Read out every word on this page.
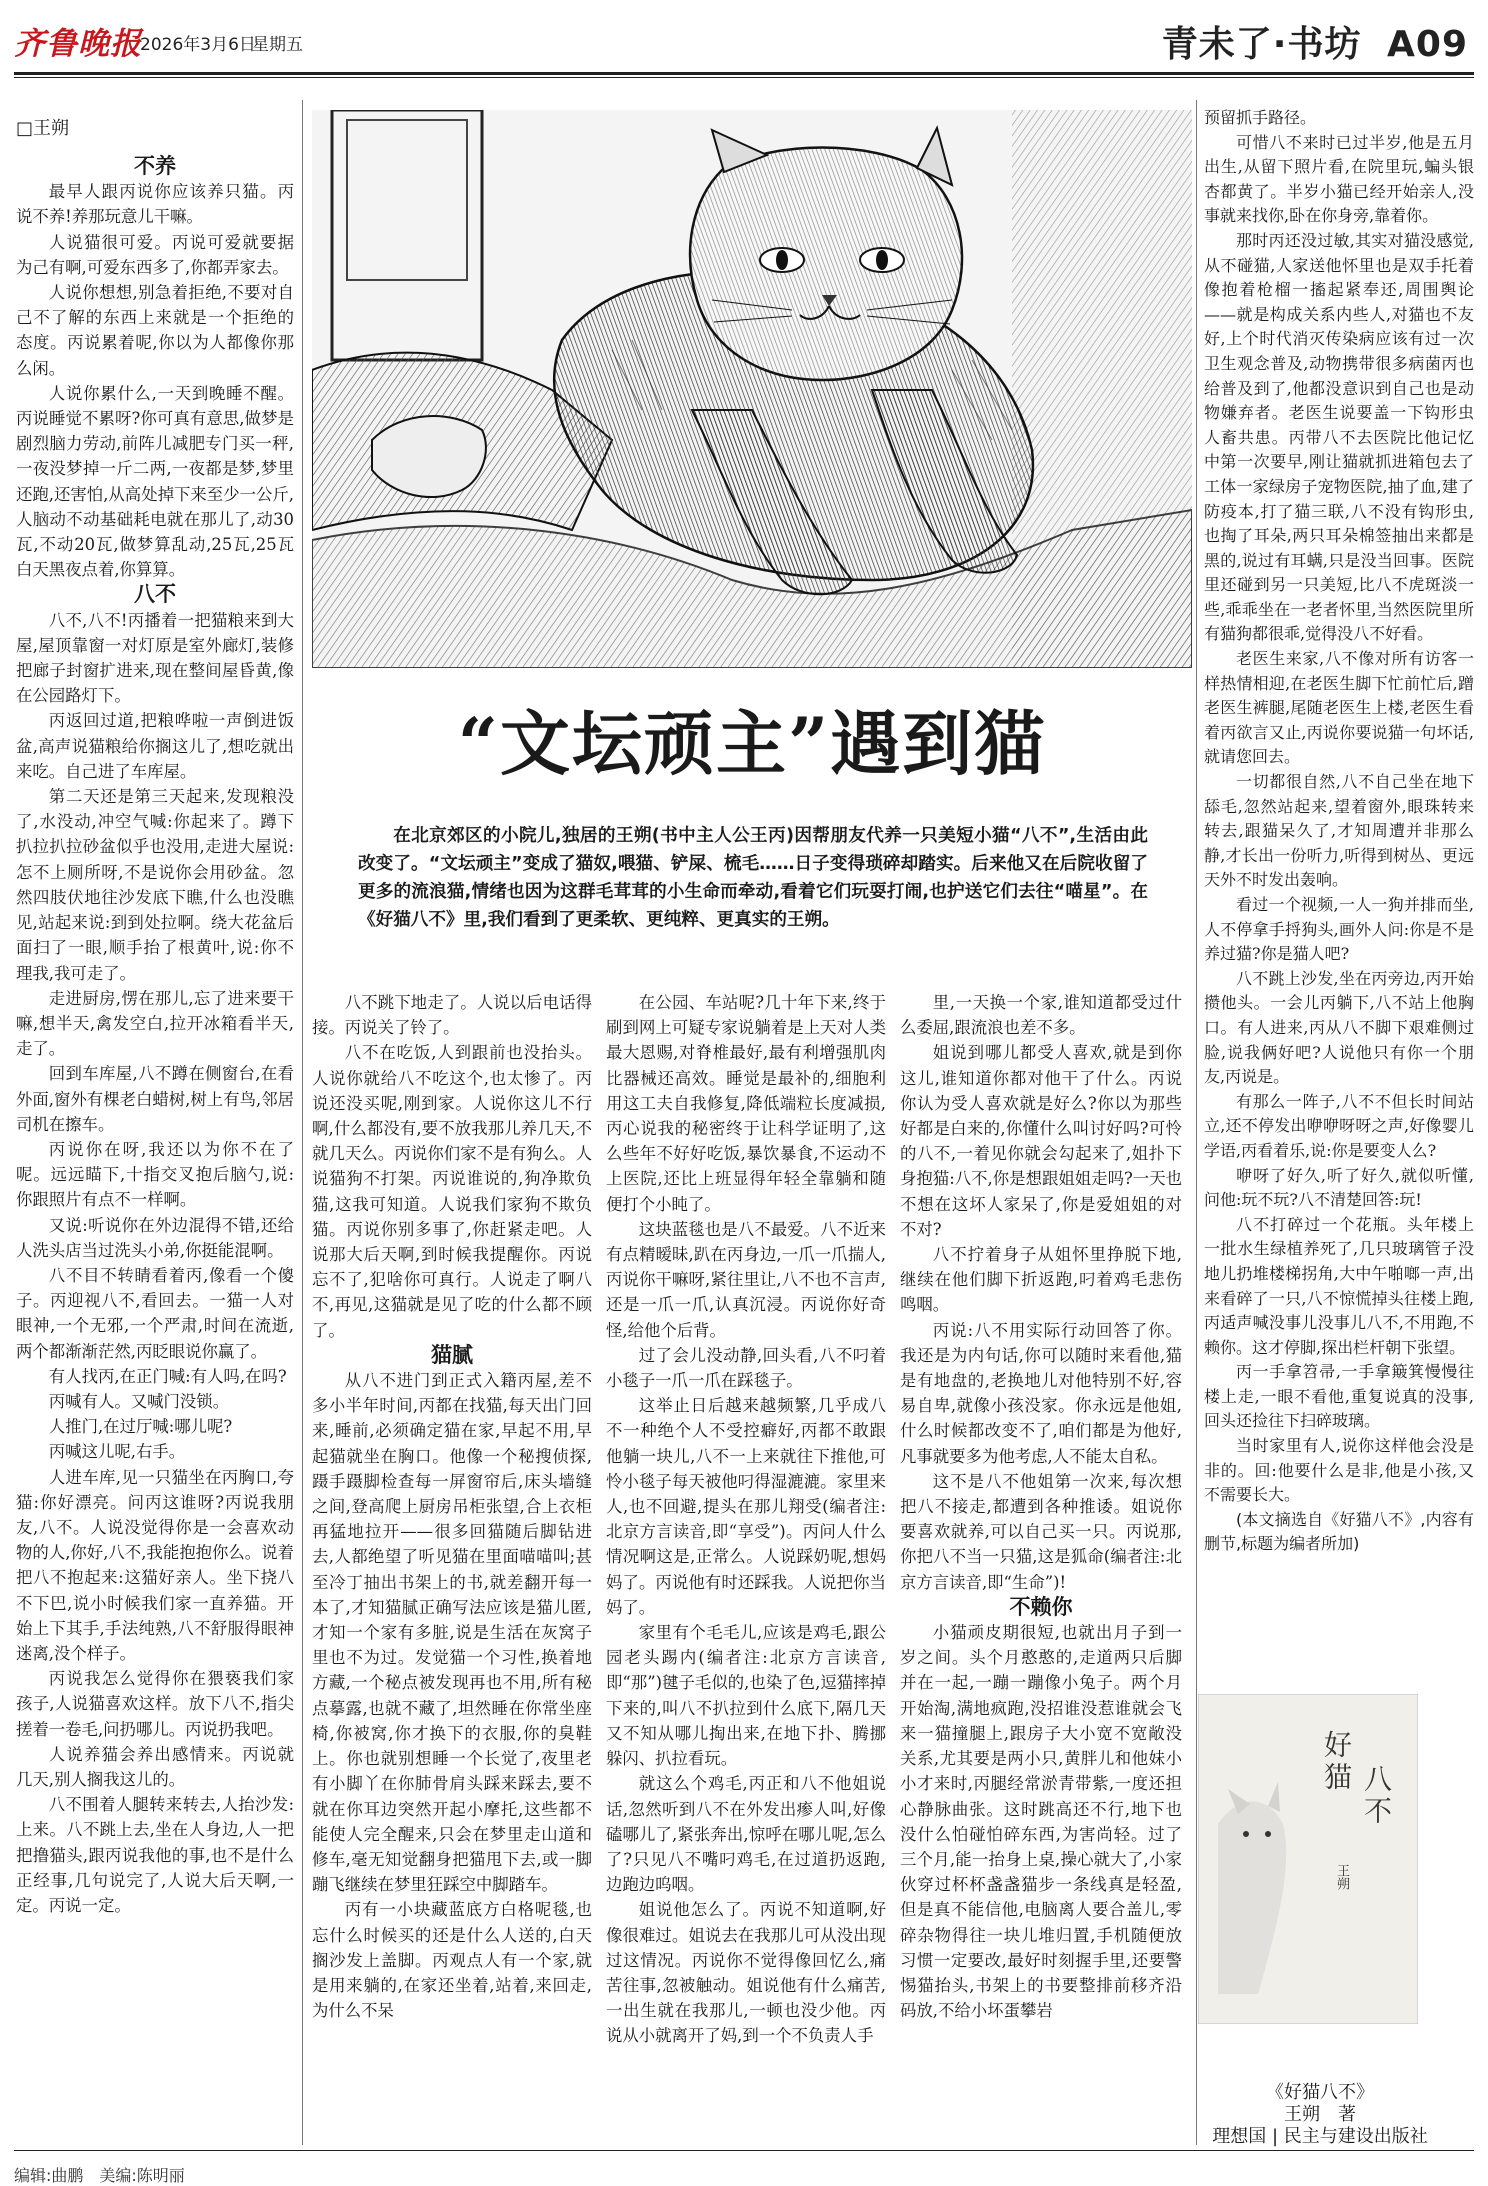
齐鲁晚报
2026年3月6日
星期五	青未了·书坊 A09
□王朔

不养

最早人跟丙说你应该养只猫。丙说不养!养那玩意儿干嘛。

人说猫很可爱。丙说可爱就要据为己有啊,可爱东西多了,你都弄家去。

人说你想想,别急着拒绝,不要对自己不了解的东西上来就是一个拒绝的态度。丙说累着呢,你以为人都像你那么闲。

人说你累什么,一天到晚睡不醒。丙说睡觉不累呀?你可真有意思,做梦是剧烈脑力劳动,前阵儿减肥专门买一秤,一夜没梦掉一斤二两,一夜都是梦,梦里还跑,还害怕,从高处掉下来至少一公斤,人脑动不动基础耗电就在那儿了,动30瓦,不动20瓦,做梦算乱动,25瓦,25瓦白天黑夜点着,你算算。

八不

八不,八不!丙播着一把猫粮来到大屋,屋顶靠窗一对灯原是室外廊灯,装修把廊子封窗扩进来,现在整间屋昏黄,像在公园路灯下。

丙返回过道,把粮哗啦一声倒进饭盆,高声说猫粮给你搁这儿了,想吃就出来吃。自己进了车库屋。

第二天还是第三天起来,发现粮没了,水没动,冲空气喊:你起来了。蹲下扒拉扒拉砂盆似乎也没用,走进大屋说:怎不上厕所呀,不是说你会用砂盆。忽然四肢伏地往沙发底下瞧,什么也没瞧见,站起来说:到到处拉啊。绕大花盆后面扫了一眼,顺手抬了根黄叶,说:你不理我,我可走了。

走进厨房,愣在那儿,忘了进来要干嘛,想半天,禽发空白,拉开冰箱看半天,走了。

回到车库屋,八不蹲在侧窗台,在看外面,窗外有棵老白蜡树,树上有鸟,邻居司机在擦车。

丙说你在呀,我还以为你不在了呢。远远瞄下,十指交叉抱后脑勺,说:你跟照片有点不一样啊。

又说:听说你在外边混得不错,还给人洗头店当过洗头小弟,你挺能混啊。

八不目不转睛看着丙,像看一个傻子。丙迎视八不,看回去。一猫一人对眼神,一个无邪,一个严肃,时间在流逝,两个都渐渐茫然,丙眨眼说你赢了。

有人找丙,在正门喊:有人吗,在吗?

丙喊有人。又喊门没锁。

人推门,在过厅喊:哪儿呢?

丙喊这儿呢,右手。

人进车库,见一只猫坐在丙胸口,夸猫:你好漂亮。问丙这谁呀?丙说我朋友,八不。人说没觉得你是一会喜欢动物的人,你好,八不,我能抱抱你么。说着把八不抱起来:这猫好亲人。坐下挠八不下巴,说小时候我们家一直养猫。开始上下其手,手法纯熟,八不舒服得眼神迷离,没个样子。

丙说我怎么觉得你在猥亵我们家孩子,人说猫喜欢这样。放下八不,指尖搓着一卷毛,问扔哪儿。丙说扔我吧。

人说养猫会养出感情来。丙说就几天,别人搁我这儿的。

八不围着人腿转来转去,人抬沙发:上来。八不跳上去,坐在人身边,人一把把撸猫头,跟丙说我他的事,也不是什么正经事,几句说完了,人说大后天啊,一定。丙说一定。

“文坛顽主”遇到猫
在北京郊区的小院儿,独居的王朔(书中主人公王丙)因帮朋友代养一只美短小猫“八不”,生活由此改变了。“文坛顽主”变成了猫奴,喂猫、铲屎、梳毛……日子变得琐碎却踏实。后来他又在后院收留了更多的流浪猫,情绪也因为这群毛茸茸的小生命而牵动,看着它们玩耍打闹,也护送它们去往“喵星”。在《好猫八不》里,我们看到了更柔软、更纯粹、更真实的王朔。

八不跳下地走了。人说以后电话得接。丙说关了铃了。

八不在吃饭,人到跟前也没抬头。人说你就给八不吃这个,也太惨了。丙说还没买呢,刚到家。人说你这儿不行啊,什么都没有,要不放我那儿养几天,不就几天么。丙说你们家不是有狗么。人说猫狗不打架。丙说谁说的,狗净欺负猫,这我可知道。人说我们家狗不欺负猫。丙说你别多事了,你赶紧走吧。人说那大后天啊,到时候我提醒你。丙说忘不了,犯啥你可真行。人说走了啊八不,再见,这猫就是见了吃的什么都不顾了。

猫腻

从八不进门到正式入籍丙屋,差不多小半年时间,丙都在找猫,每天出门回来,睡前,必须确定猫在家,早起不用,早起猫就坐在胸口。他像一个秘搜侦探,蹑手蹑脚检查每一屏窗帘后,床头墙缝之间,登高爬上厨房吊柜张望,合上衣柜再猛地拉开——很多回猫随后脚钻进去,人都绝望了听见猫在里面喵喵叫;甚至冷丁抽出书架上的书,就差翻开每一本了,才知猫腻正确写法应该是猫儿匿,才知一个家有多脏,说是生活在灰窝子里也不为过。发觉猫一个习性,换着地方藏,一个秘点被发现再也不用,所有秘点摹露,也就不藏了,坦然睡在你常坐座椅,你被窝,你才换下的衣服,你的臭鞋上。你也就别想睡一个长觉了,夜里老有小脚丫在你肺骨肩头踩来踩去,要不就在你耳边突然开起小摩托,这些都不能使人完全醒来,只会在梦里走山道和修车,毫无知觉翻身把猫甩下去,或一脚蹦飞继续在梦里狂踩空中脚踏车。

丙有一小块藏蓝底方白格呢毯,也忘什么时候买的还是什么人送的,白天搁沙发上盖脚。丙观点人有一个家,就是用来躺的,在家还坐着,站着,来回走,为什么不呆

在公园、车站呢?几十年下来,终于刷到网上可疑专家说躺着是上天对人类最大恩赐,对脊椎最好,最有利增强肌肉比器械还高效。睡觉是最补的,细胞利用这工夫自我修复,降低端粒长度减损,丙心说我的秘密终于让科学证明了,这么些年不好好吃饭,暴饮暴食,不运动不上医院,还比上班显得年轻全靠躺和随便打个小盹了。

这块蓝毯也是八不最爱。八不近来有点精暧昧,趴在丙身边,一爪一爪揣人,丙说你干嘛呀,紧往里让,八不也不言声,还是一爪一爪,认真沉浸。丙说你好奇怪,给他个后背。

过了会儿没动静,回头看,八不叼着小毯子一爪一爪在踩毯子。

这举止日后越来越频繁,几乎成八不一种绝个人不受控癖好,丙都不敢跟他躺一块儿,八不一上来就往下推他,可怜小毯子每天被他叼得湿漉漉。家里来人,也不回避,提头在那儿翔受(编者注:北京方言读音,即“享受”)。丙问人什么情况啊这是,正常么。人说踩奶呢,想妈妈了。丙说他有时还踩我。人说把你当妈了。

家里有个毛毛儿,应该是鸡毛,跟公园老头踢内(编者注:北京方言读音,即“那”)毽子毛似的,也染了色,逗猫摔掉下来的,叫八不扒拉到什么底下,隔几天又不知从哪儿掏出来,在地下扑、腾挪躲闪、扒拉看玩。

就这么个鸡毛,丙正和八不他姐说话,忽然听到八不在外发出瘆人叫,好像磕哪儿了,紧张奔出,惊呼在哪儿呢,怎么了?只见八不嘴叼鸡毛,在过道扔返跑,边跑边呜咽。

姐说他怎么了。丙说不知道啊,好像很难过。姐说去在我那儿可从没出现过这情况。丙说你不觉得像回忆么,痛苦往事,忽被触动。姐说他有什么痛苦,一出生就在我那儿,一顿也没少他。丙说从小就离开了妈,到一个不负责人手

里,一天换一个家,谁知道都受过什么委屈,跟流浪也差不多。

姐说到哪儿都受人喜欢,就是到你这儿,谁知道你都对他干了什么。丙说你认为受人喜欢就是好么?你以为那些好都是白来的,你懂什么叫讨好吗?可怜的八不,一着见你就会勾起来了,姐扑下身抱猫:八不,你是想跟姐姐走吗?一天也不想在这坏人家呆了,你是爱姐姐的对不对?

八不拧着身子从姐怀里挣脱下地,继续在他们脚下折返跑,叼着鸡毛悲伤鸣咽。

丙说:八不用实际行动回答了你。我还是为内句话,你可以随时来看他,猫是有地盘的,老换地儿对他特别不好,容易自卑,就像小孩没家。你永远是他姐,什么时候都改变不了,咱们都是为他好,凡事就要多为他考虑,人不能太自私。

这不是八不他姐第一次来,每次想把八不接走,都遭到各种推诿。姐说你要喜欢就养,可以自己买一只。丙说那,你把八不当一只猫,这是狐命(编者注:北京方言读音,即“生命”)!

不赖你

小猫顽皮期很短,也就出月子到一岁之间。头个月憨憨的,走道两只后脚并在一起,一蹦一蹦像小兔子。两个月开始淘,满地疯跑,没招谁没惹谁就会飞来一猫撞腿上,跟房子大小宽不宽敞没关系,尤其要是两小只,黄胖儿和他妹小小才来时,丙腿经常淤青带紫,一度还担心静脉曲张。这时跳高还不行,地下也没什么怕碰怕碎东西,为害尚轻。过了三个月,能一抬身上桌,操心就大了,小家伙穿过杯杯盏盏猫步一条线真是轻盈,但是真不能信他,电脑离人要合盖儿,零碎杂物得往一块儿堆归置,手机随便放习惯一定要改,最好时刻握手里,还要警惕猫抬头,书架上的书要整排前移齐沿码放,不给小坏蛋攀岩

预留抓手路径。

可惜八不来时已过半岁,他是五月出生,从留下照片看,在院里玩,蝙头银杏都黄了。半岁小猫已经开始亲人,没事就来找你,卧在你身旁,靠着你。

那时丙还没过敏,其实对猫没感觉,从不碰猫,人家送他怀里也是双手托着像抱着枪榴一搐起紧奉还,周围舆论——就是构成关系内些人,对猫也不友好,上个时代消灭传染病应该有过一次卫生观念普及,动物携带很多病菌丙也给普及到了,他都没意识到自己也是动物嫌弃者。老医生说要盖一下钩形虫人畜共患。丙带八不去医院比他记忆中第一次要早,刚让猫就抓进箱包去了工体一家绿房子宠物医院,抽了血,建了防疫本,打了猫三联,八不没有钩形虫,也掏了耳朵,两只耳朵棉签抽出来都是黑的,说过有耳螨,只是没当回事。医院里还碰到另一只美短,比八不虎斑淡一些,乖乖坐在一老者怀里,当然医院里所有猫狗都很乖,觉得没八不好看。

老医生来家,八不像对所有访客一样热情相迎,在老医生脚下忙前忙后,蹭老医生裤腿,尾随老医生上楼,老医生看着丙欲言又止,丙说你要说猫一句坏话,就请您回去。

一切都很自然,八不自己坐在地下舔毛,忽然站起来,望着窗外,眼珠转来转去,跟猫呆久了,才知周遭并非那么静,才长出一份听力,听得到树丛、更远天外不时发出轰响。

看过一个视频,一人一狗并排而坐,人不停拿手捋狗头,画外人问:你是不是养过猫?你是猫人吧?

八不跳上沙发,坐在丙旁边,丙开始攒他头。一会儿丙躺下,八不站上他胸口。有人进来,丙从八不脚下艰难侧过脸,说我俩好吧?人说他只有你一个朋友,丙说是。

有那么一阵子,八不不但长时间站立,还不停发出咿咿呀呀之声,好像婴儿学语,丙看着乐,说:你是要变人么?

咿呀了好久,听了好久,就似听懂,问他:玩不玩?八不清楚回答:玩!

八不打碎过一个花瓶。头年楼上一批水生绿植养死了,几只玻璃管子没地儿扔堆楼梯拐角,大中午啪啷一声,出来看碎了一只,八不惊慌掉头往楼上跑,丙适声喊没事儿没事儿八不,不用跑,不赖你。这才停脚,探出栏杆朝下张望。

丙一手拿笤帚,一手拿簸箕慢慢往楼上走,一眼不看他,重复说真的没事,回头还捡往下扫碎玻璃。

当时家里有人,说你这样他会没是非的。回:他要什么是非,他是小孩,又不需要长大。

(本文摘选自《好猫八不》,内容有删节,标题为编者所加)

好猫
八不
王朔
《好猫八不》
王朔　著
理想国 | 民主与建设出版社
编辑:曲鹏　美编:陈明丽
